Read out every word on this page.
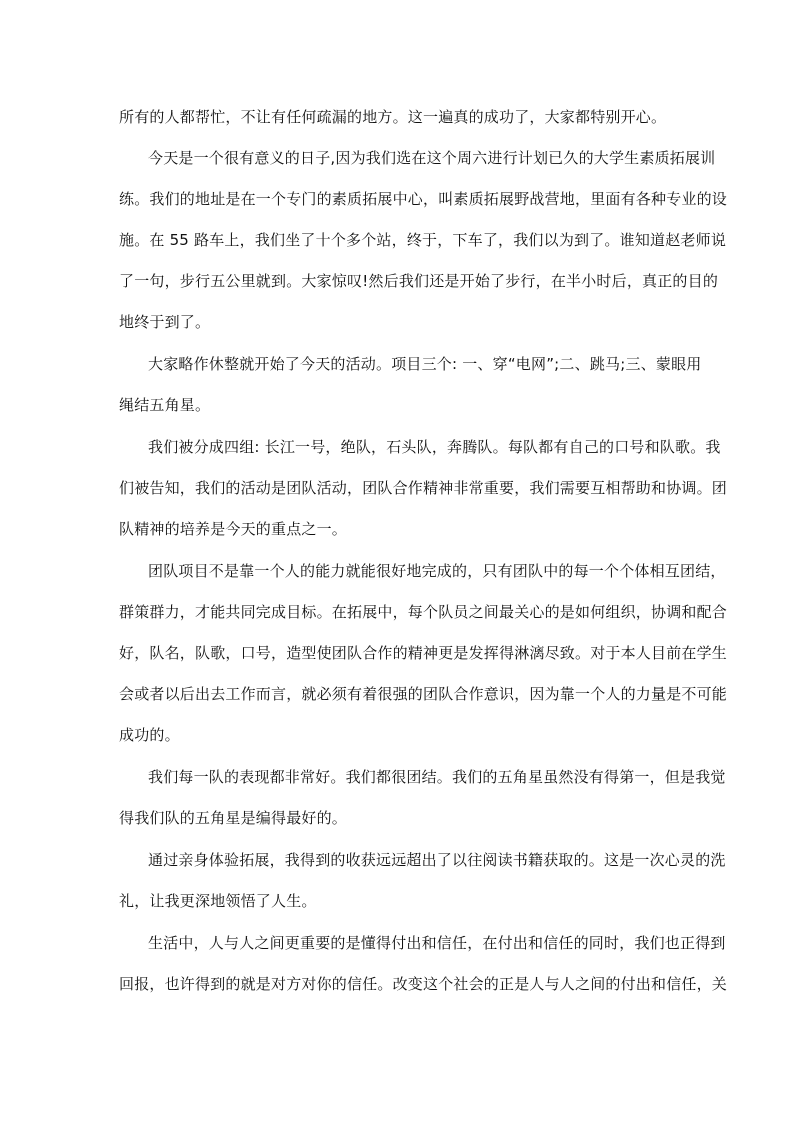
所有的人都帮忙，不让有任何疏漏的地方。这一遍真的成功了，大家都特别开心。
今天是一个很有意义的日子,因为我们选在这个周六进行计划已久的大学生素质拓展训
练。我们的地址是在一个专门的素质拓展中心，叫素质拓展野战营地，里面有各种专业的设
施。在 55 路车上，我们坐了十个多个站，终于，下车了，我们以为到了。谁知道赵老师说
了一句，步行五公里就到。大家惊叹!然后我们还是开始了步行，在半小时后，真正的目的
地终于到了。
大家略作休整就开始了今天的活动。项目三个: 一、穿“电网”;二、跳马;三、蒙眼用
绳结五角星。
我们被分成四组: 长江一号，绝队，石头队，奔腾队。每队都有自己的口号和队歌。我
们被告知，我们的活动是团队活动，团队合作精神非常重要，我们需要互相帮助和协调。团
队精神的培养是今天的重点之一。
团队项目不是靠一个人的能力就能很好地完成的，只有团队中的每一个个体相互团结，
群策群力，才能共同完成目标。在拓展中，每个队员之间最关心的是如何组织，协调和配合
好，队名，队歌，口号，造型使团队合作的精神更是发挥得淋漓尽致。对于本人目前在学生
会或者以后出去工作而言，就必须有着很强的团队合作意识，因为靠一个人的力量是不可能
成功的。
我们每一队的表现都非常好。我们都很团结。我们的五角星虽然没有得第一，但是我觉
得我们队的五角星是编得最好的。
通过亲身体验拓展，我得到的收获远远超出了以往阅读书籍获取的。这是一次心灵的洗
礼，让我更深地领悟了人生。
生活中，人与人之间更重要的是懂得付出和信任，在付出和信任的同时，我们也正得到
回报，也许得到的就是对方对你的信任。改变这个社会的正是人与人之间的付出和信任，关
